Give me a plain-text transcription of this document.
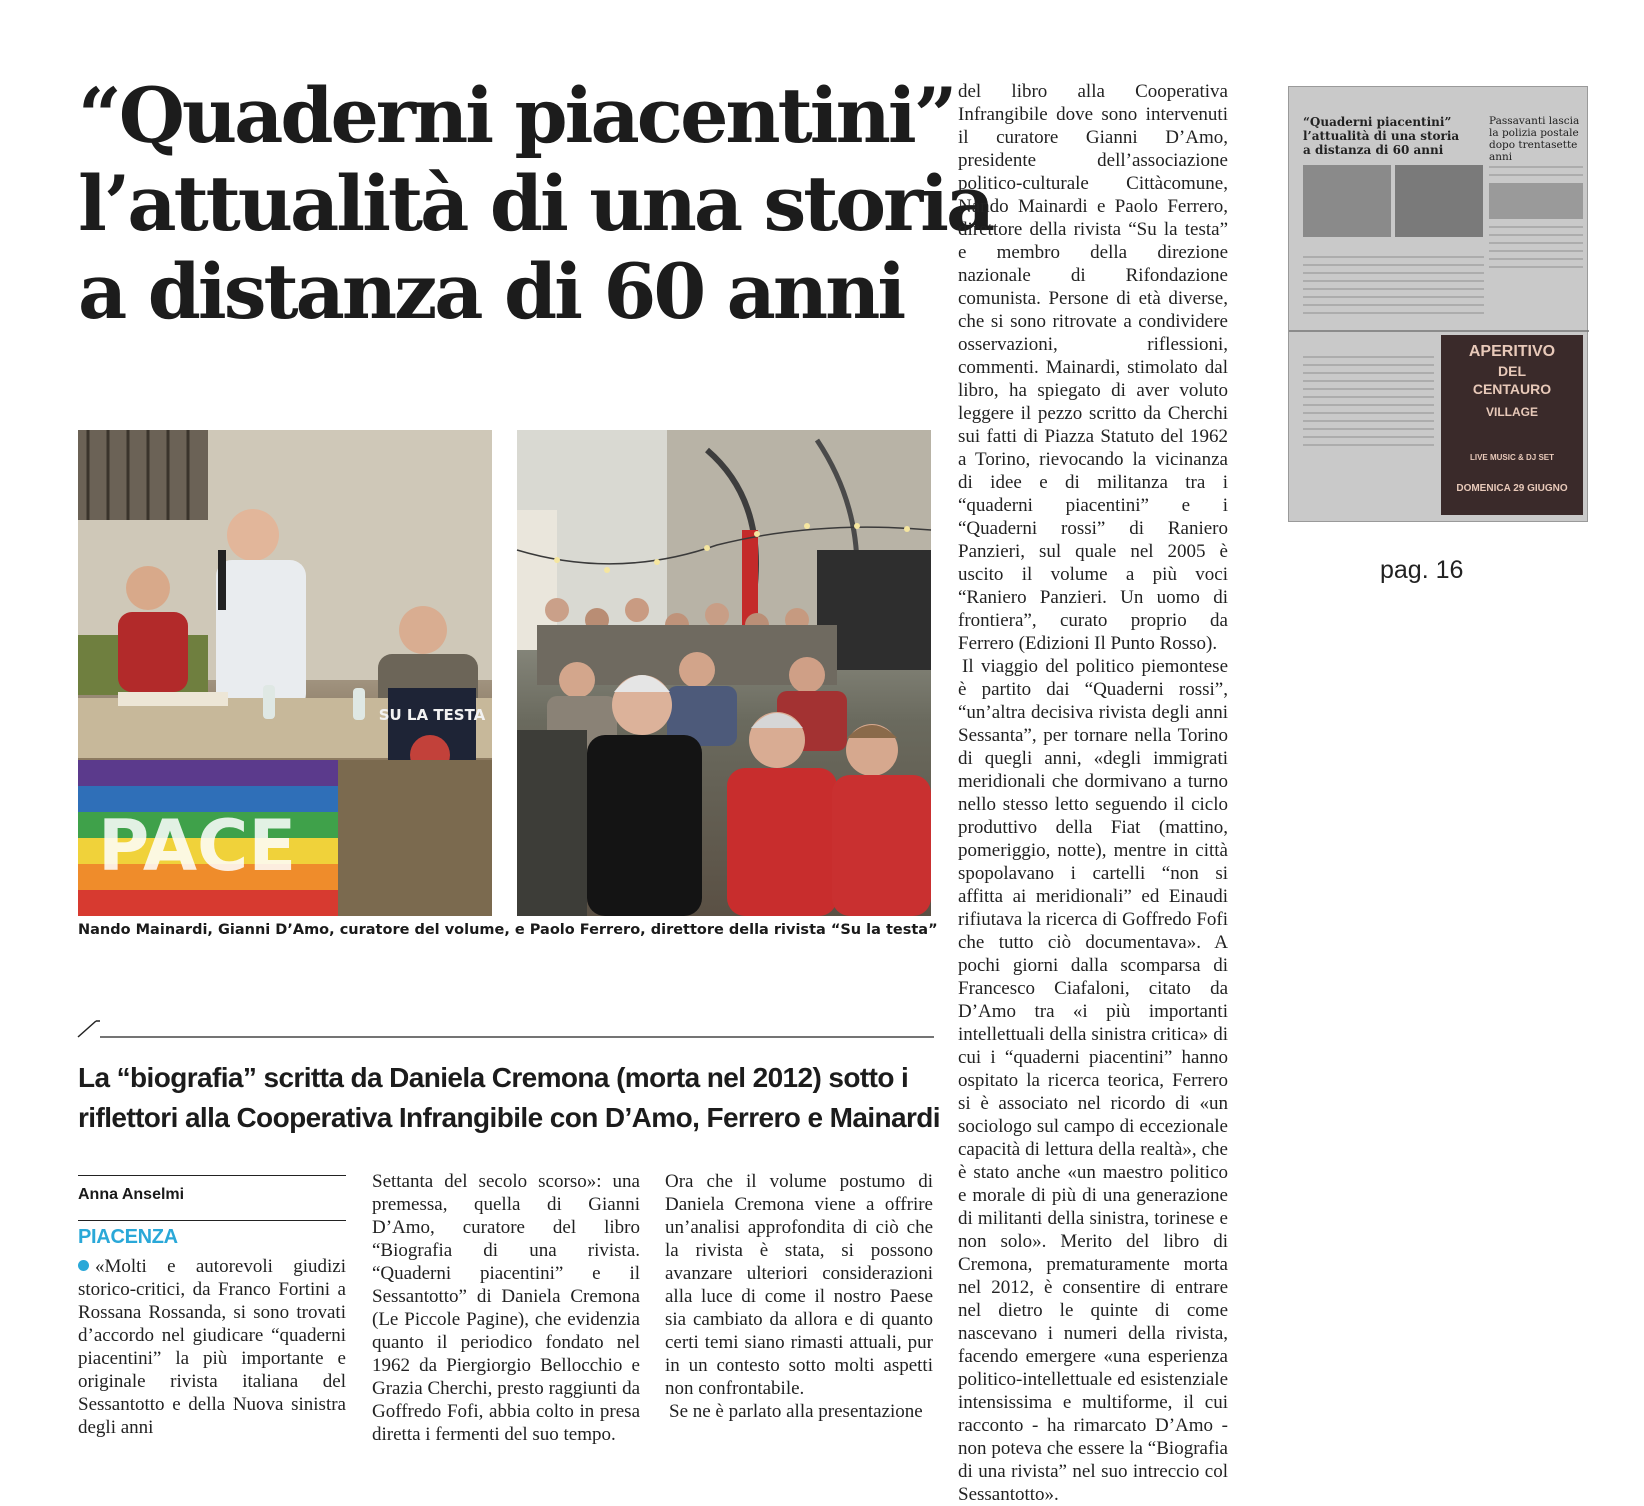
“Quaderni piacentini”
l’attualità di una storia
a distanza di 60 anni
SU LA TESTA
PACE
Nando Mainardi, Gianni D’Amo, curatore del volume, e Paolo Ferrero, direttore della rivista “Su la testa”
La “biografia” scritta da Daniela Cremona (morta nel 2012) sotto i
riflettori alla Cooperativa Infrangibile con D’Amo, Ferrero e Mainardi
Anna Anselmi
PIACENZA

«Molti e autorevoli giudizi storico-critici, da Franco Fortini a Rossana Rossanda, si sono trovati d’accordo nel giudicare “quaderni piacentini” la più importante e originale rivista italiana del Sessantotto e della Nuova sinistra degli anni

Settanta del secolo scorso»: una premessa, quella di Gianni D’Amo, curatore del libro “Biografia di una rivista. “Quaderni piacentini” e il Sessantotto” di Daniela Cremona (Le Piccole Pagine), che evidenzia quanto il periodico fondato nel 1962 da Piergiorgio Bellocchio e Grazia Cherchi, presto raggiunti da Goffredo Fofi, abbia colto in presa diretta i fermenti del suo tempo.

Ora che il volume postumo di Daniela Cremona viene a offrire un’analisi approfondita di ciò che la rivista è stata, si possono avanzare ulteriori considerazioni alla luce di come il nostro Paese sia cambiato da allora e di quanto certi temi siano rimasti attuali, pur in un contesto sotto molti aspetti non confrontabile.

Se ne è parlato alla presentazione

del libro alla Cooperativa Infrangibile dove sono intervenuti il curatore Gianni D’Amo, presidente dell’associazione politico-culturale Cittàcomune, Nando Mainardi e Paolo Ferrero, direttore della rivista “Su la testa” e membro della direzione nazionale di Rifondazione comunista. Persone di età diverse, che si sono ritrovate a condividere osservazioni, riflessioni, commenti. Mainardi, stimolato dal libro, ha spiegato di aver voluto leggere il pezzo scritto da Cherchi sui fatti di Piazza Statuto del 1962 a Torino, rievocando la vicinanza di idee e di militanza tra i “quaderni piacentini” e i “Quaderni rossi” di Raniero Panzieri, sul quale nel 2005 è uscito il volume a più voci “Raniero Panzieri. Un uomo di frontiera”, curato proprio da Ferrero (Edizioni Il Punto Rosso).

Il viaggio del politico piemontese è partito dai “Quaderni rossi”, “un’altra decisiva rivista degli anni Sessanta”, per tornare nella Torino di quegli anni, «degli immigrati meridionali che dormivano a turno nello stesso letto seguendo il ciclo produttivo della Fiat (mattino, pomeriggio, notte), mentre in città spopolavano i cartelli “non si affitta ai meridionali” ed Einaudi rifiutava la ricerca di Goffredo Fofi che tutto ciò documentava». A pochi giorni dalla scomparsa di Francesco Ciafaloni, citato da D’Amo tra «i più importanti intellettuali della sinistra critica» di cui i “quaderni piacentini” hanno ospitato la ricerca teorica, Ferrero si è associato nel ricordo di «un sociologo sul campo di eccezionale capacità di lettura della realtà», che è stato anche «un maestro politico e morale di più di una generazione di militanti della sinistra, torinese e non solo». Merito del libro di Cremona, prematuramente morta nel 2012, è consentire di entrare nel dietro le quinte di come nascevano i numeri della rivista, facendo emergere «una esperienza politico-intellettuale ed esistenziale intensissima e multiforme, il cui racconto - ha rimarcato D’Amo - non poteva che essere la “Biografia di una rivista” nel suo intreccio col Sessantotto».

“Quaderni piacentini”
l’attualità di una storia
a distanza di 60 anni
Passavanti lascia
la polizia postale
dopo trentasette anni
APERITIVO
DEL
CENTAURO
VILLAGE
LIVE MUSIC & DJ SET
DOMENICA 29 GIUGNO
pag. 16
